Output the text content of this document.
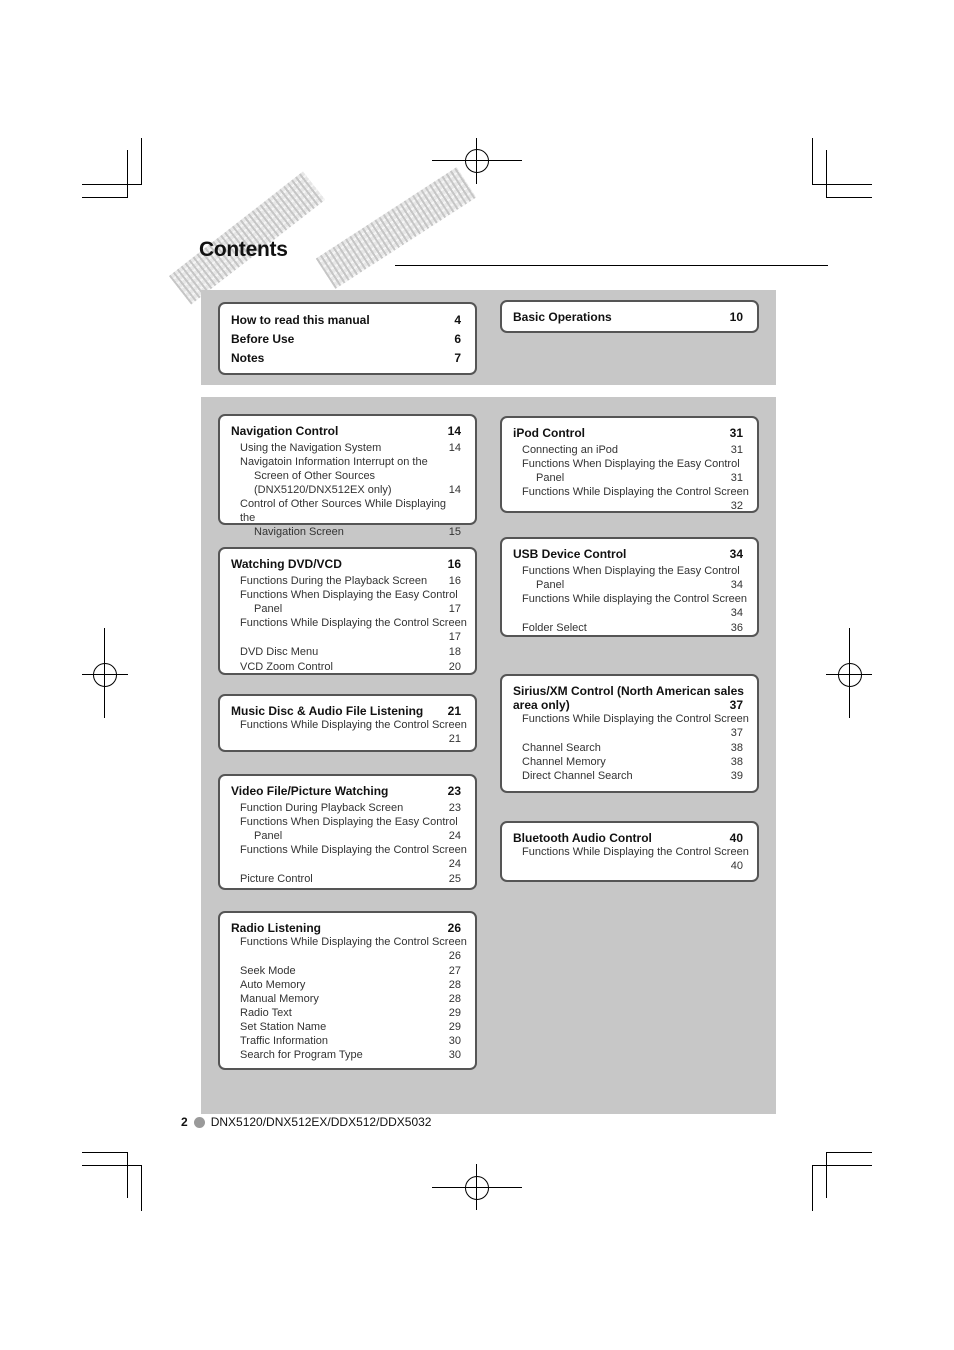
Contents
How to read this manual	4
Before Use	6
Notes	7
Basic Operations	10
Navigation Control	14
Using the Navigation System	14
Navigatoin Information Interrupt on the
Screen of Other Sources
(DNX5120/DNX512EX only)	14
Control of Other Sources While Displaying the
Navigation Screen	15
Watching DVD/VCD	16
Functions During the Playback Screen	16
Functions When Displaying the Easy Control
Panel	17
Functions While Displaying the Control Screen
17
DVD Disc Menu	18
VCD Zoom Control	20
Music Disc & Audio File Listening	21
Functions While Displaying the Control Screen
21
Video File/Picture Watching	23
Function During Playback Screen	23
Functions When Displaying the Easy Control
Panel	24
Functions While Displaying the Control Screen
24
Picture Control	25
Radio Listening	26
Functions While Displaying the Control Screen
26
Seek Mode	27
Auto Memory	28
Manual Memory	28
Radio Text	29
Set Station Name	29
Traffic Information	30
Search for Program Type	30
iPod Control	31
Connecting an iPod	31
Functions When Displaying the Easy Control
Panel	31
Functions While Displaying the Control Screen
32
USB Device Control	34
Functions When Displaying the Easy Control
Panel	34
Functions While displaying the Control Screen
34
Folder Select	36
Sirius/XM Control (North American sales
area only)	37
Functions While Displaying the Control Screen
37
Channel Search	38
Channel Memory	38
Direct Channel Search	39
Bluetooth Audio Control	40
Functions While Displaying the Control Screen
40
2 DNX5120/DNX512EX/DDX512/DDX5032
